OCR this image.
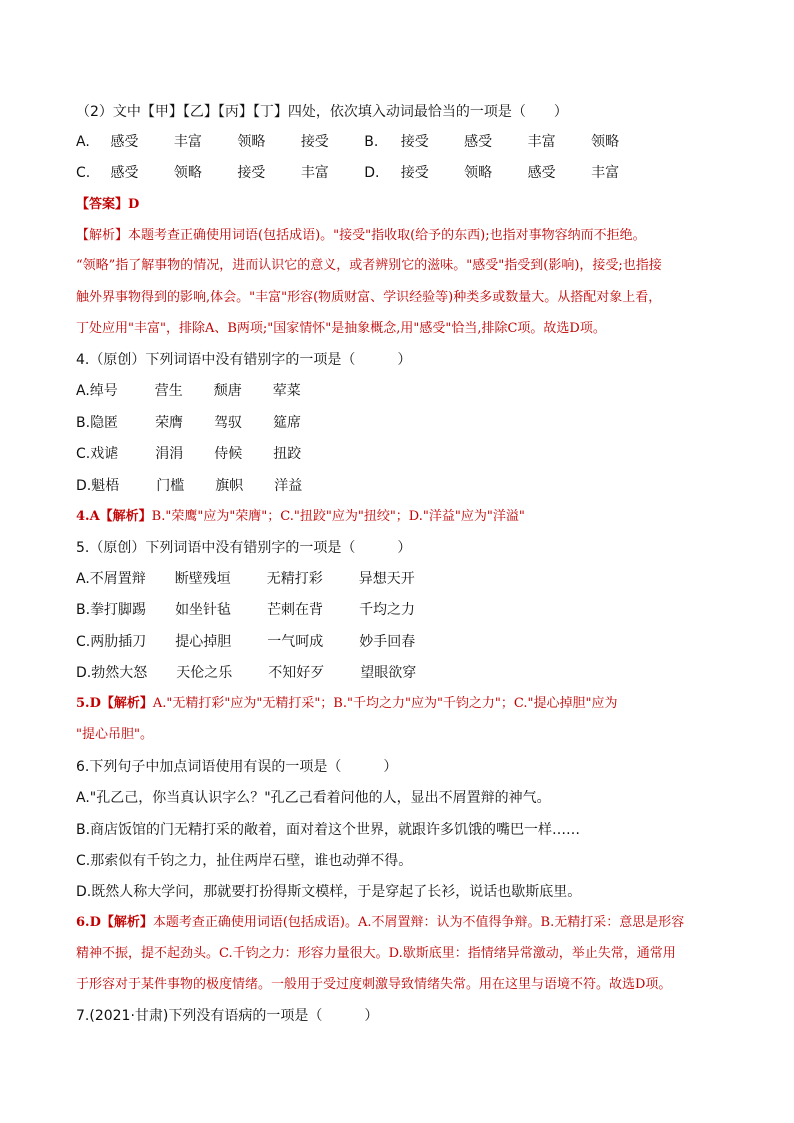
（2）文中【甲】【乙】【丙】【丁】四处，依次填入动词最恰当的一项是（　　）
A. 感受	丰富	领略	接受	B. 接受	感受	丰富	领略
C. 感受	领略	接受	丰富	D. 接受	领略	感受	丰富
【答案】D
【解析】本题考查正确使用词语(包括成语)。"接受"指收取(给予的东西);也指对事物容纳而不拒绝。
“领略”指了解事物的情况，进而认识它的意义，或者辨别它的滋味。"感受"指受到(影响)，接受;也指接
触外界事物得到的影响,体会。"丰富"形容(物质财富、学识经验等)种类多或数量大。从搭配对象上看，
丁处应用"丰富"，排除A、B两项;"国家情怀"是抽象概念,用"感受"恰当,排除C项。故选D项。
4.（原创）下列词语中没有错别字的一项是（　　　）
A.绰号	营生 颓唐 荤菜
B.隐匿	荣膺 驾驭 筵席
C.戏谑	涓涓 侍候 扭跤
D.魁梧	门槛 旗帜 洋益
4.A【解析】B."荣鹰"应为"荣膺"；C."扭跤"应为"扭绞"；D."洋益"应为"洋溢"
5.（原创）下列词语中没有错别字的一项是（　　　）
A.不屑置辩 断壁残垣	无精打彩	异想天开
B.拳打脚踢 如坐针毡	芒刺在背	千均之力
C.两肋插刀 提心掉胆	一气呵成	妙手回春
D.勃然大怒 天伦之乐	不知好歹	望眼欲穿
5.D【解析】A."无精打彩"应为"无精打采"；B."千均之力"应为"千钧之力"；C."提心掉胆"应为
"提心吊胆"。
6.下列句子中加点词语使用有误的一项是（　　　）
A."孔乙己，你当真认识字么？"孔乙己看着问他的人，显出不屑置辩的神气。
B.商店饭馆的门无精打采的敞着，面对着这个世界，就跟许多饥饿的嘴巴一样……
C.那索似有千钧之力，扯住两岸石壁，谁也动弹不得。
D.既然人称大学问，那就要打扮得斯文模样，于是穿起了长衫，说话也歇斯底里。
6.D【解析】本题考查正确使用词语(包括成语)。A.不屑置辩：认为不值得争辩。B.无精打采：意思是形容
精神不振，提不起劲头。C.千钧之力：形容力量很大。D.歇斯底里：指情绪异常激动，举止失常，通常用
于形容对于某件事物的极度情绪。一般用于受过度刺激导致情绪失常。用在这里与语境不符。故选D项。
7.(2021·甘肃)下列没有语病的一项是（　　　）
